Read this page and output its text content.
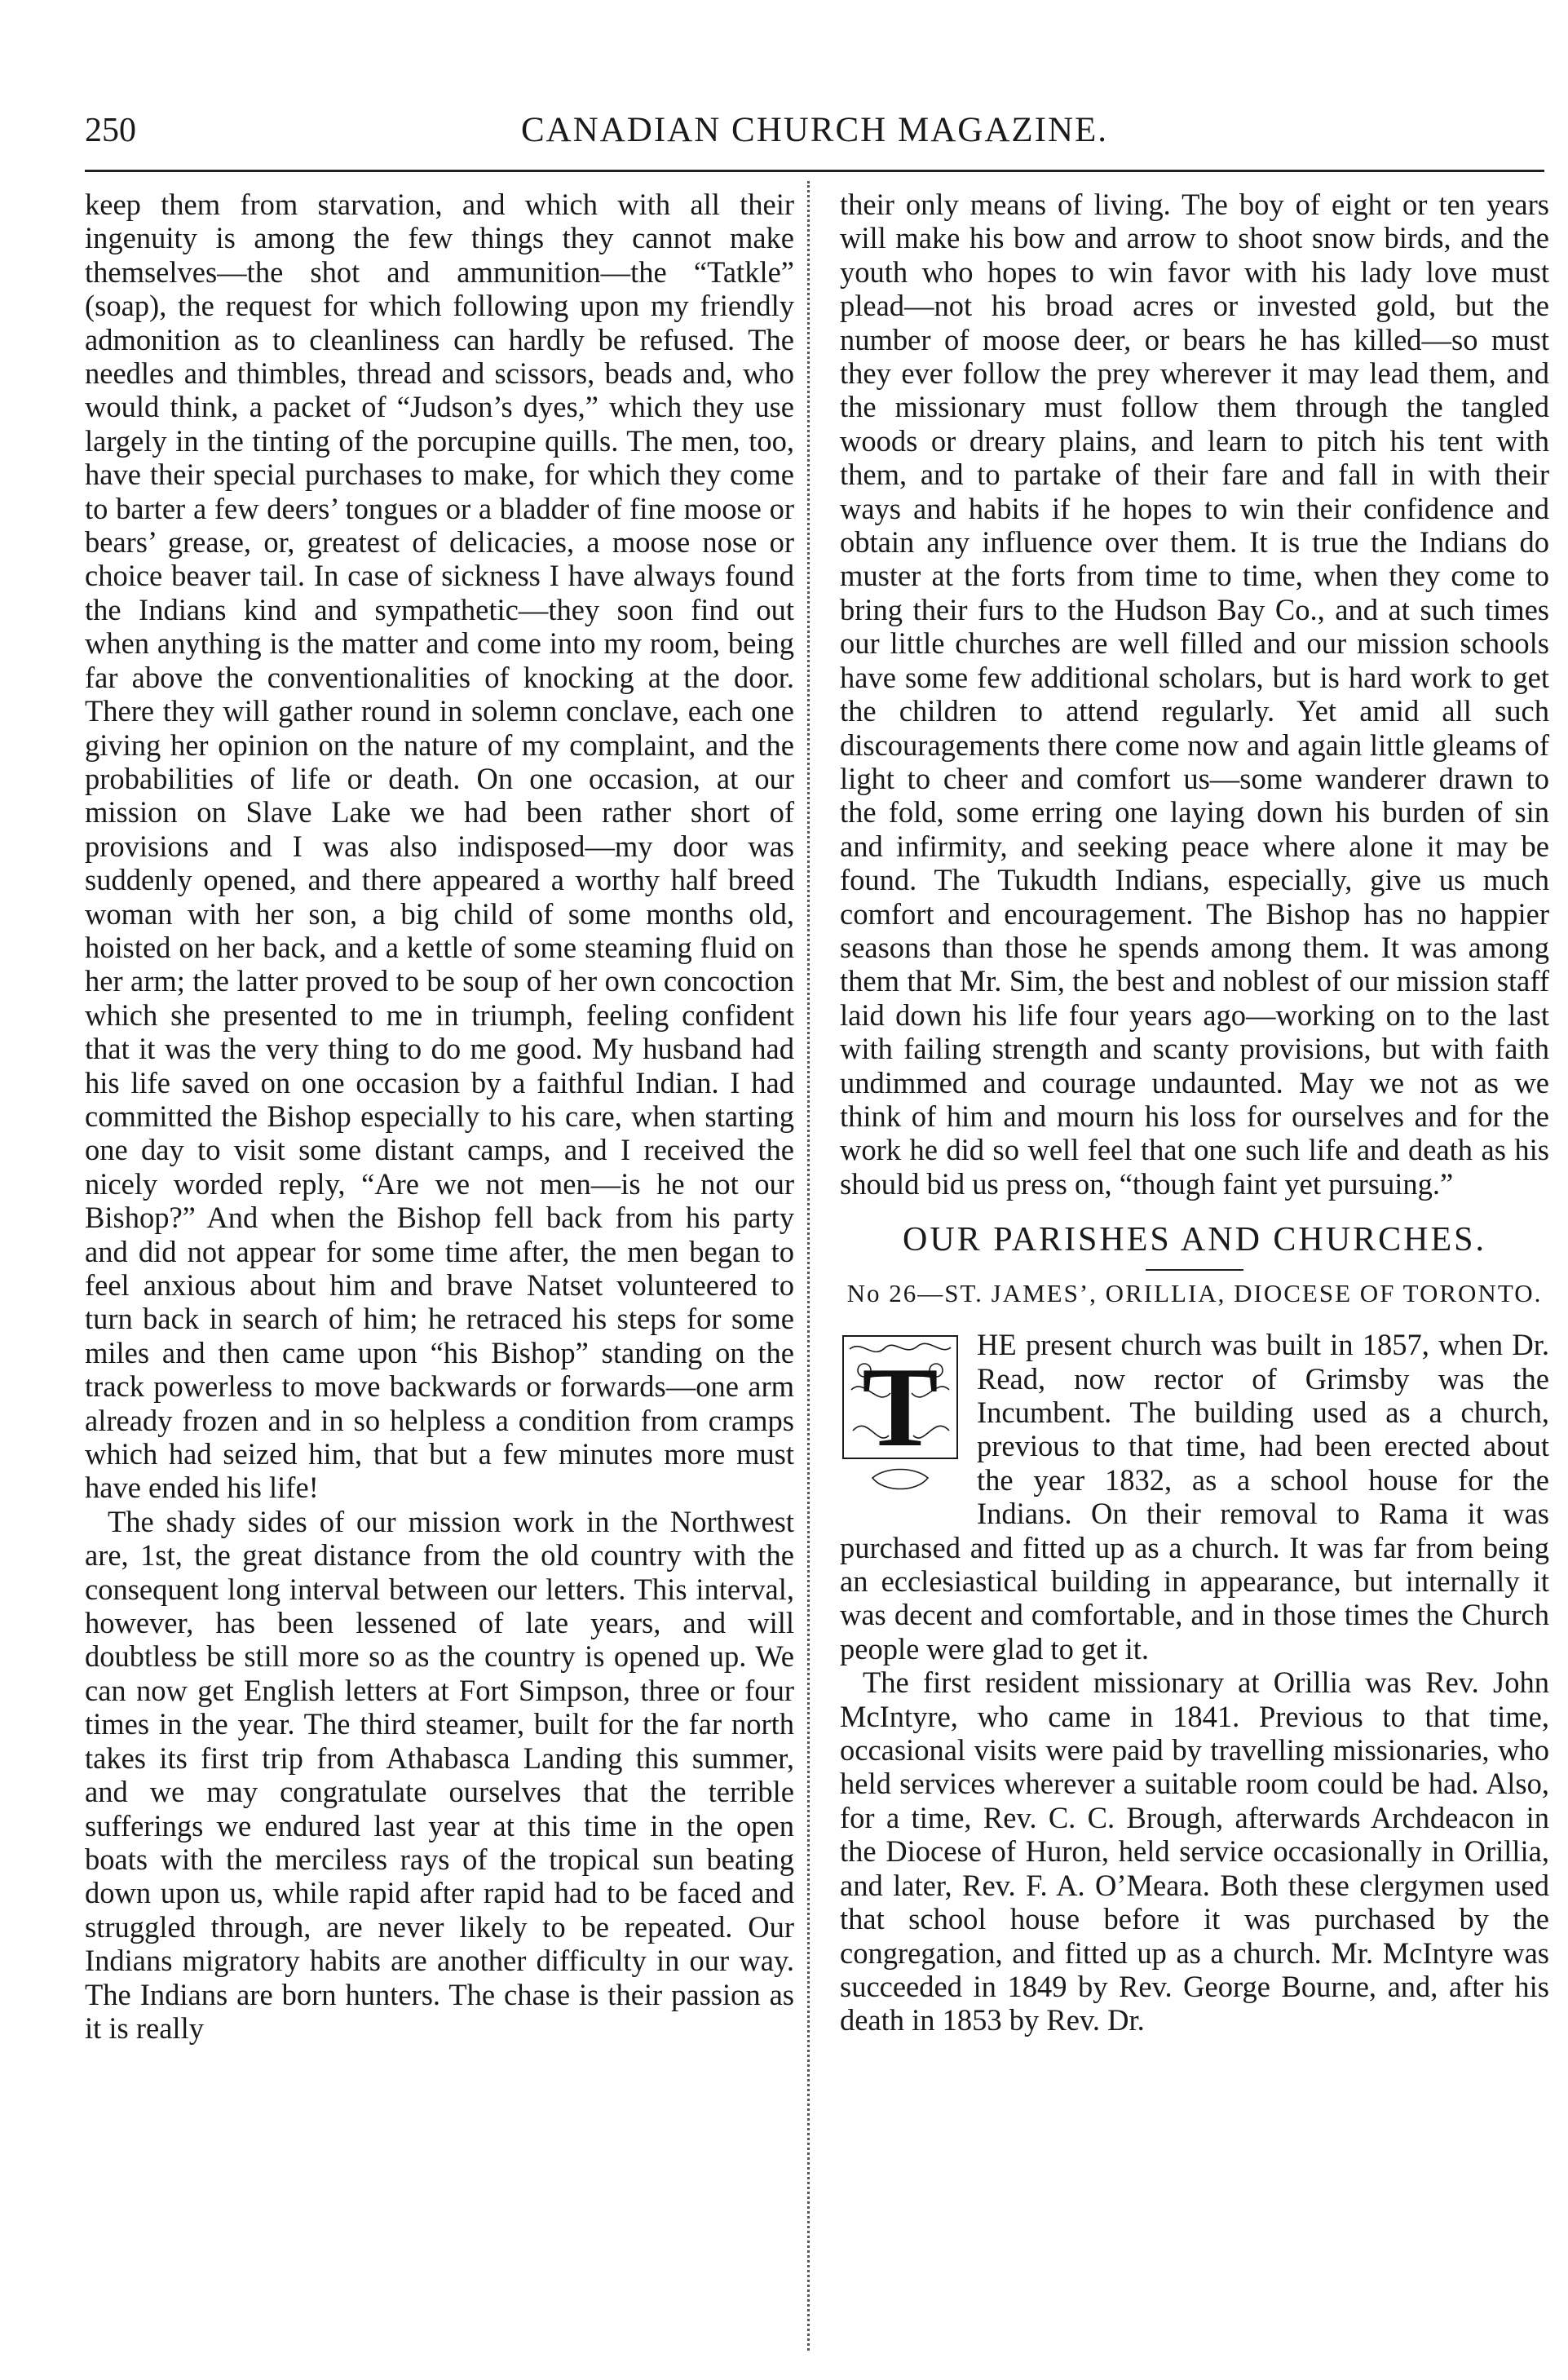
250	CANADIAN CHURCH MAGAZINE.

keep them from starvation, and which with all their ingenuity is among the few things they cannot make themselves—the shot and ammunition—the “Tatkle” (soap), the request for which following upon my friendly admonition as to cleanliness can hardly be refused. The needles and thimbles, thread and scissors, beads and, who would think, a packet of “Judson’s dyes,” which they use largely in the tinting of the porcupine quills. The men, too, have their special purchases to make, for which they come to barter a few deers’ tongues or a bladder of fine moose or bears’ grease, or, greatest of delicacies, a moose nose or choice beaver tail. In case of sickness I have always found the Indians kind and sympathetic—they soon find out when anything is the matter and come into my room, being far above the conventionalities of knocking at the door. There they will gather round in solemn conclave, each one giving her opinion on the nature of my complaint, and the probabilities of life or death. On one occasion, at our mission on Slave Lake we had been rather short of provisions and I was also indisposed—my door was suddenly opened, and there appeared a worthy half breed woman with her son, a big child of some months old, hoisted on her back, and a kettle of some steaming fluid on her arm; the latter proved to be soup of her own concoction which she presented to me in triumph, feeling confident that it was the very thing to do me good. My husband had his life saved on one occasion by a faithful Indian. I had committed the Bishop especially to his care, when starting one day to visit some distant camps, and I received the nicely worded reply, “Are we not men—is he not our Bishop?” And when the Bishop fell back from his party and did not appear for some time after, the men began to feel anxious about him and brave Natset volunteered to turn back in search of him; he retraced his steps for some miles and then came upon “his Bishop” standing on the track powerless to move backwards or forwards—one arm already frozen and in so helpless a condition from cramps which had seized him, that but a few minutes more must have ended his life!

The shady sides of our mission work in the Northwest are, 1st, the great distance from the old country with the consequent long interval between our letters. This interval, however, has been lessened of late years, and will doubtless be still more so as the country is opened up. We can now get English letters at Fort Simpson, three or four times in the year. The third steamer, built for the far north takes its first trip from Athabasca Landing this summer, and we may congratulate ourselves that the terrible sufferings we endured last year at this time in the open boats with the merciless rays of the tropical sun beating down upon us, while rapid after rapid had to be faced and struggled through, are never likely to be repeated. Our Indians migratory habits are another difficulty in our way. The Indians are born hunters. The chase is their passion as it is really

their only means of living. The boy of eight or ten years will make his bow and arrow to shoot snow birds, and the youth who hopes to win favor with his lady love must plead—not his broad acres or invested gold, but the number of moose deer, or bears he has killed—so must they ever follow the prey wherever it may lead them, and the missionary must follow them through the tangled woods or dreary plains, and learn to pitch his tent with them, and to partake of their fare and fall in with their ways and habits if he hopes to win their confidence and obtain any influence over them. It is true the Indians do muster at the forts from time to time, when they come to bring their furs to the Hudson Bay Co., and at such times our little churches are well filled and our mission schools have some few additional scholars, but is hard work to get the children to attend regularly. Yet amid all such discouragements there come now and again little gleams of light to cheer and comfort us—some wanderer drawn to the fold, some erring one laying down his burden of sin and infirmity, and seeking peace where alone it may be found. The Tukudth Indians, especially, give us much comfort and encouragement. The Bishop has no happier seasons than those he spends among them. It was among them that Mr. Sim, the best and noblest of our mission staff laid down his life four years ago—working on to the last with failing strength and scanty provisions, but with faith undimmed and courage undaunted. May we not as we think of him and mourn his loss for ourselves and for the work he did so well feel that one such life and death as his should bid us press on, “though faint yet pursuing.”

OUR PARISHES AND CHURCHES.
No 26—ST. JAMES’, ORILLIA, DIOCESE OF TORONTO.
T	HE present church was built in 1857, when Dr. Read, now rector of Grimsby was the Incumbent. The building used as a church, previous to that time, had been erected about the year 1832, as a school house for the Indians. On their removal to Rama it was purchased and fitted up as a church. It was far from being an ecclesiastical building in appearance, but internally it was decent and comfortable, and in those times the Church people were glad to get it.

The first resident missionary at Orillia was Rev. John McIntyre, who came in 1841. Previous to that time, occasional visits were paid by travelling missionaries, who held services wherever a suitable room could be had. Also, for a time, Rev. C. C. Brough, afterwards Archdeacon in the Diocese of Huron, held service occasionally in Orillia, and later, Rev. F. A. O’Meara. Both these clergymen used that school house before it was purchased by the congregation, and fitted up as a church. Mr. McIntyre was succeeded in 1849 by Rev. George Bourne, and, after his death in 1853 by Rev. Dr.
